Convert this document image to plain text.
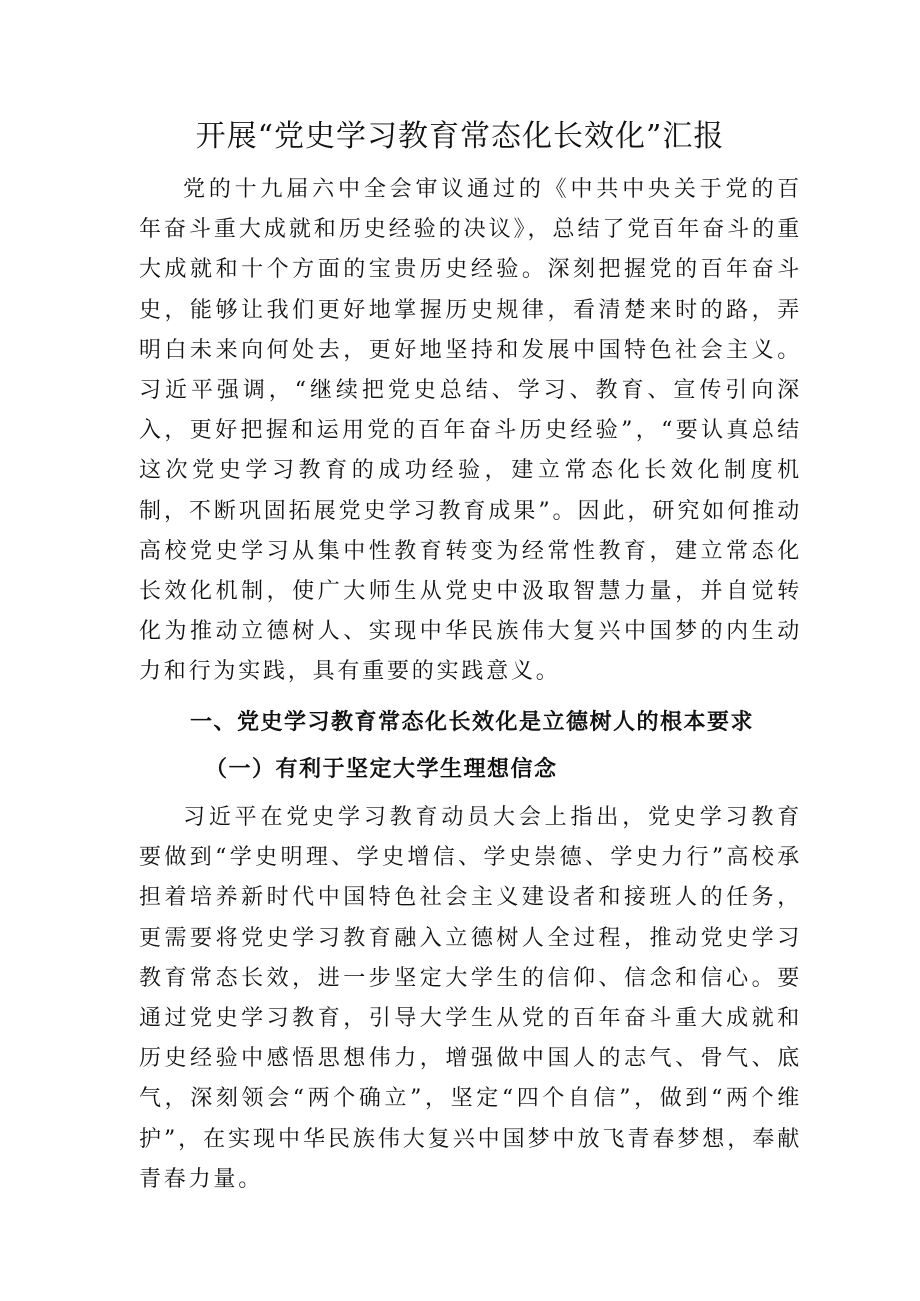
开展“党史学习教育常态化长效化”汇报

党的十九届六中全会审议通过的《中共中央关于党的百年奋斗重大成就和历史经验的决议》，总结了党百年奋斗的重大成就和十个方面的宝贵历史经验。深刻把握党的百年奋斗史，能够让我们更好地掌握历史规律，看清楚来时的路，弄明白未来向何处去，更好地坚持和发展中国特色社会主义。习近平强调，“继续把党史总结、学习、教育、宣传引向深入，更好把握和运用党的百年奋斗历史经验”，“要认真总结这次党史学习教育的成功经验，建立常态化长效化制度机制，不断巩固拓展党史学习教育成果”。因此，研究如何推动高校党史学习从集中性教育转变为经常性教育，建立常态化长效化机制，使广大师生从党史中汲取智慧力量，并自觉转化为推动立德树人、实现中华民族伟大复兴中国梦的内生动力和行为实践，具有重要的实践意义。

一、党史学习教育常态化长效化是立德树人的根本要求
（一）有利于坚定大学生理想信念

习近平在党史学习教育动员大会上指出，党史学习教育要做到“学史明理、学史增信、学史崇德、学史力行”高校承担着培养新时代中国特色社会主义建设者和接班人的任务，更需要将党史学习教育融入立德树人全过程，推动党史学习教育常态长效，进一步坚定大学生的信仰、信念和信心。要通过党史学习教育，引导大学生从党的百年奋斗重大成就和历史经验中感悟思想伟力，增强做中国人的志气、骨气、底气，深刻领会“两个确立”，坚定“四个自信”，做到“两个维护”，在实现中华民族伟大复兴中国梦中放飞青春梦想，奉献青春力量。
